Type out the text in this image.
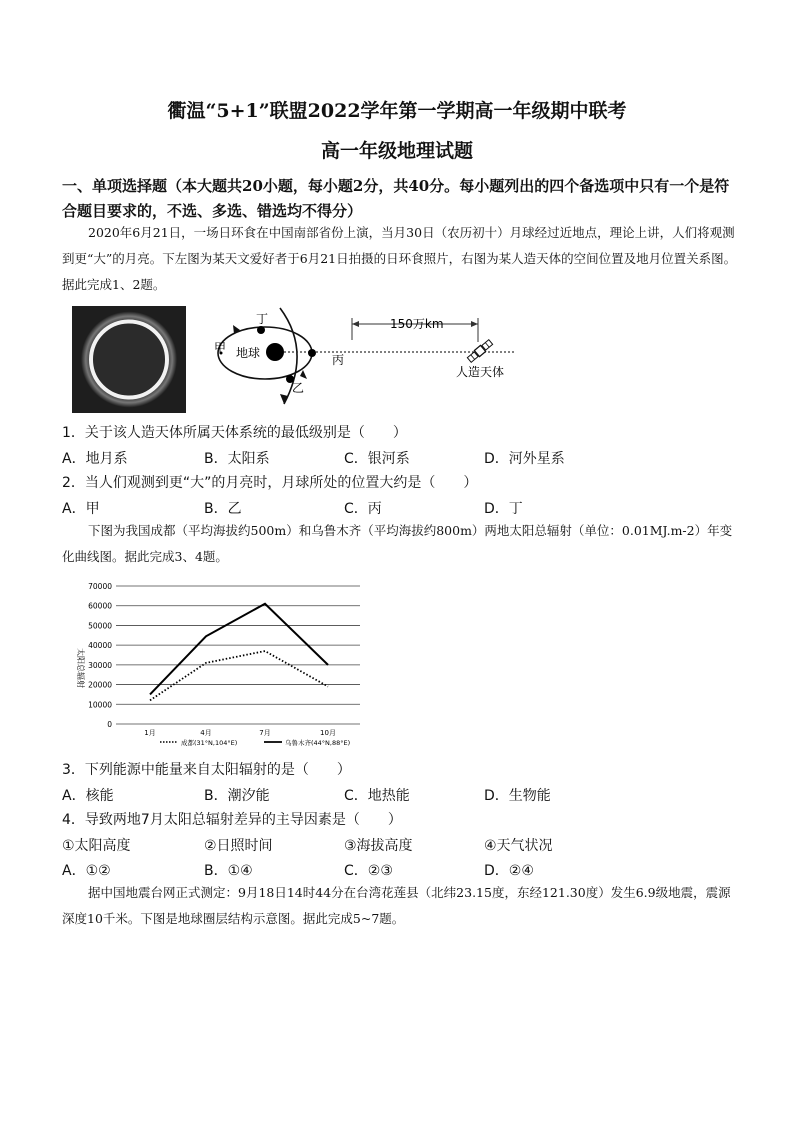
衢温“5+1”联盟2022学年第一学期高一年级期中联考
高一年级地理试题
一、单项选择题（本大题共20小题，每小题2分，共40分。每小题列出的四个备选项中只有一个是符合题目要求的，不选、多选、错选均不得分）
2020年6月21日，一场日环食在中国南部省份上演，当月30日（农历初十）月球经过近地点，理论上讲，人们将观测到更“大”的月亮。下左图为某天文爱好者于6月21日拍摄的日环食照片，右图为某人造天体的空间位置及地月位置关系图。据此完成1、2题。
丁
甲 地球	丙
乙
150万km
人造天体
1．关于该人造天体所属天体系统的最低级别是（　　）
A．地月系	B．太阳系	C．银河系	D．河外星系
2．当人们观测到更“大”的月亮时，月球所处的位置大约是（　　）
A．甲	B．乙	C．丙	D．丁
下图为我国成都（平均海拔约500m）和乌鲁木齐（平均海拔约800m）两地太阳总辐射（单位：0.01MJ.m-2）年变化曲线图。据此完成3、4题。
0
10000
20000
30000
40000
50000
60000
70000
1月	4月	7月	10月
太阳总辐射
成都(31°N,104°E)	乌鲁木齐(44°N,88°E)
3．下列能源中能量来自太阳辐射的是（　　）
A．核能	B．潮汐能	C．地热能	D．生物能
4．导致两地7月太阳总辐射差异的主导因素是（　　）
①太阳高度	②日照时间	③海拔高度	④天气状况
A．①②	B．①④	C．②③	D．②④
据中国地震台网正式测定：9月18日14时44分在台湾花莲县（北纬23.15度，东经121.30度）发生6.9级地震，震源深度10千米。下图是地球圈层结构示意图。据此完成5~7题。
